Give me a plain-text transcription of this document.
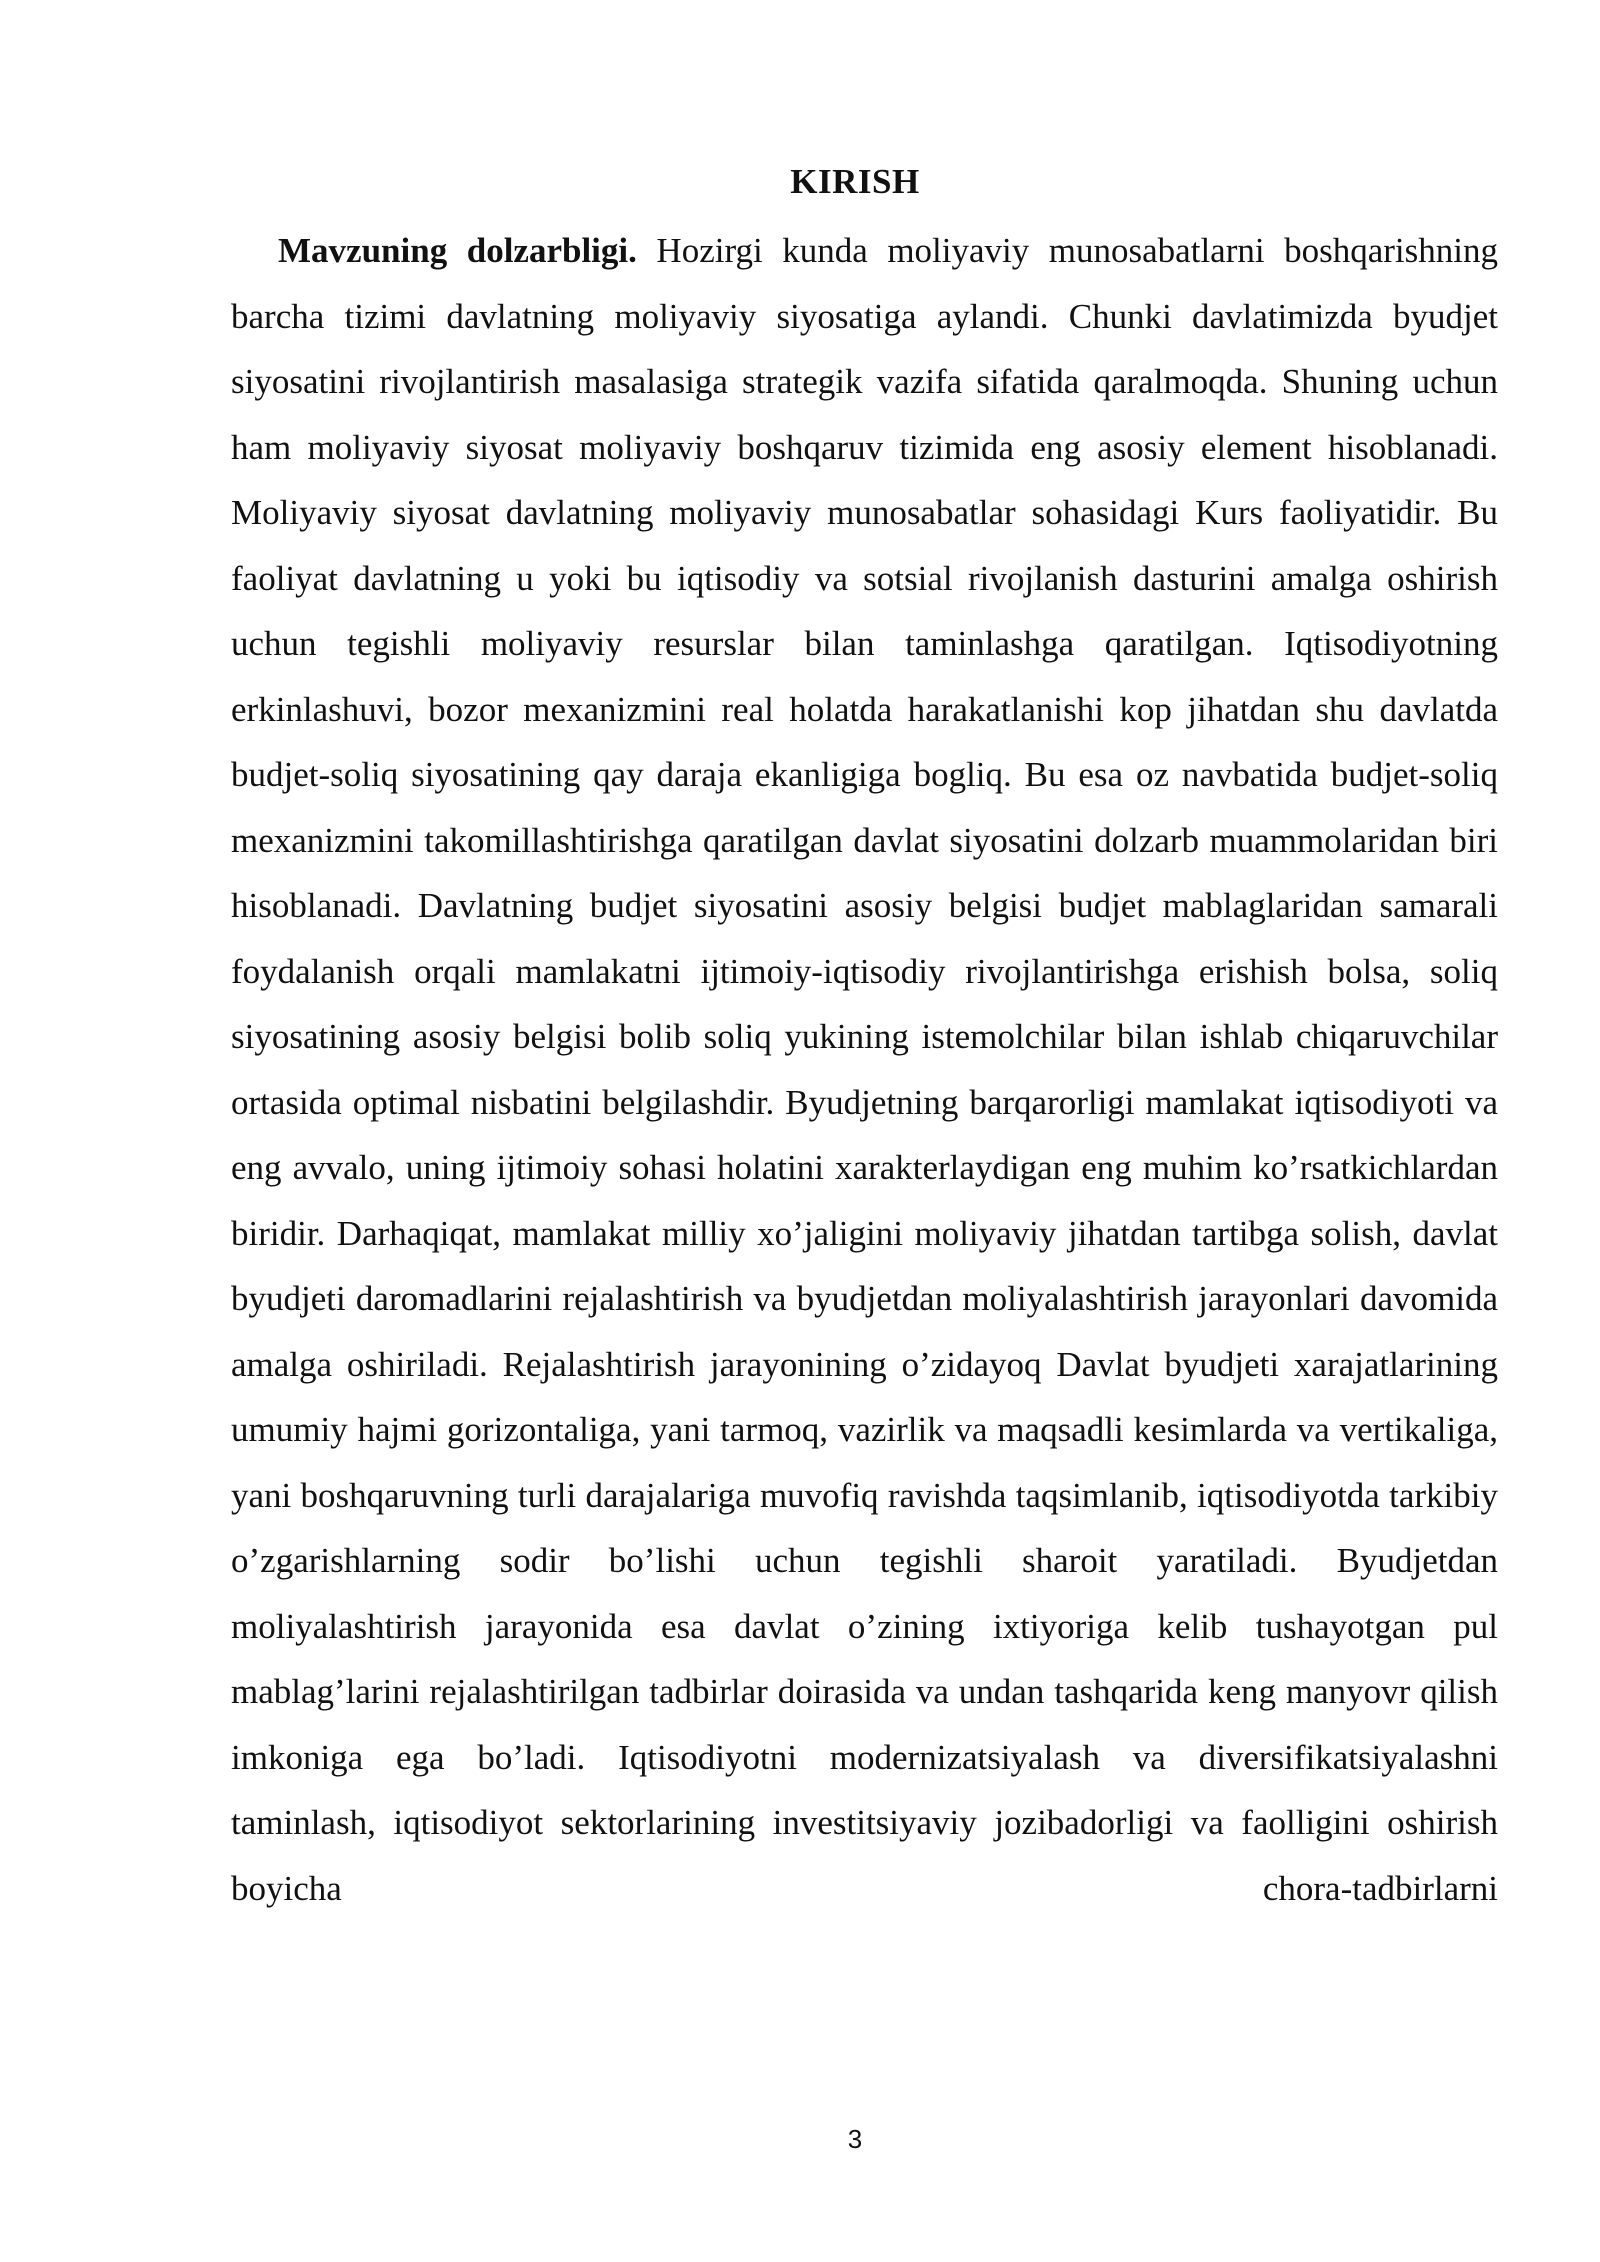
KIRISH

Mavzuning dolzarbligi. Hozirgi kunda moliyaviy munosabatlarni boshqarishning barcha tizimi davlatning moliyaviy siyosatiga aylandi. Chunki davlatimizda byudjet siyosatini rivojlantirish masalasiga strategik vazifa sifatida qaralmoqda. Shuning uchun ham moliyaviy siyosat moliyaviy boshqaruv tizimida eng asosiy element hisoblanadi. Moliyaviy siyosat davlatning moliyaviy munosabatlar sohasidagi Kurs faoliyatidir. Bu faoliyat davlatning u yoki bu iqtisodiy va sotsial rivojlanish dasturini amalga oshirish uchun tegishli moliyaviy resurslar bilan taminlashga qaratilgan. Iqtisodiyotning erkinlashuvi, bozor mexanizmini real holatda harakatlanishi kop jihatdan shu davlatda budjet-soliq siyosatining qay daraja ekanligiga bogliq. Bu esa oz navbatida budjet-soliq mexanizmini takomillashtirishga qaratilgan davlat siyosatini dolzarb muammolaridan biri hisoblanadi. Davlatning budjet siyosatini asosiy belgisi budjet mablaglaridan samarali foydalanish orqali mamlakatni ijtimoiy-iqtisodiy rivojlantirishga erishish bolsa, soliq siyosatining asosiy belgisi bolib soliq yukining istemolchilar bilan ishlab chiqaruvchilar ortasida optimal nisbatini belgilashdir. Byudjetning barqarorligi mamlakat iqtisodiyoti va eng avvalo, uning ijtimoiy sohasi holatini xarakterlaydigan eng muhim ko’rsatkichlardan biridir. Darhaqiqat, mamlakat milliy xo’jaligini moliyaviy jihatdan tartibga solish, davlat byudjeti daromadlarini rejalashtirish va byudjetdan moliyalashtirish jarayonlari davomida amalga oshiriladi. Rejalashtirish jarayonining o’zidayoq Davlat byudjeti xarajatlarining umumiy hajmi gorizontaliga, yani tarmoq, vazirlik va maqsadli kesimlarda va vertikaliga, yani boshqaruvning turli darajalariga muvofiq ravishda taqsimlanib, iqtisodiyotda tarkibiy o’zgarishlarning sodir bo’lishi uchun tegishli sharoit yaratiladi. Byudjetdan moliyalashtirish jarayonida esa davlat o’zining ixtiyoriga kelib tushayotgan pul mablag’larini rejalashtirilgan tadbirlar doirasida va undan tashqarida keng manyovr qilish imkoniga ega bo’ladi. Iqtisodiyotni modernizatsiyalash va diversifikatsiyalashni taminlash, iqtisodiyot sektorlarining investitsiyaviy jozibadorligi va faolligini oshirish boyicha chora-tadbirlarni

3
